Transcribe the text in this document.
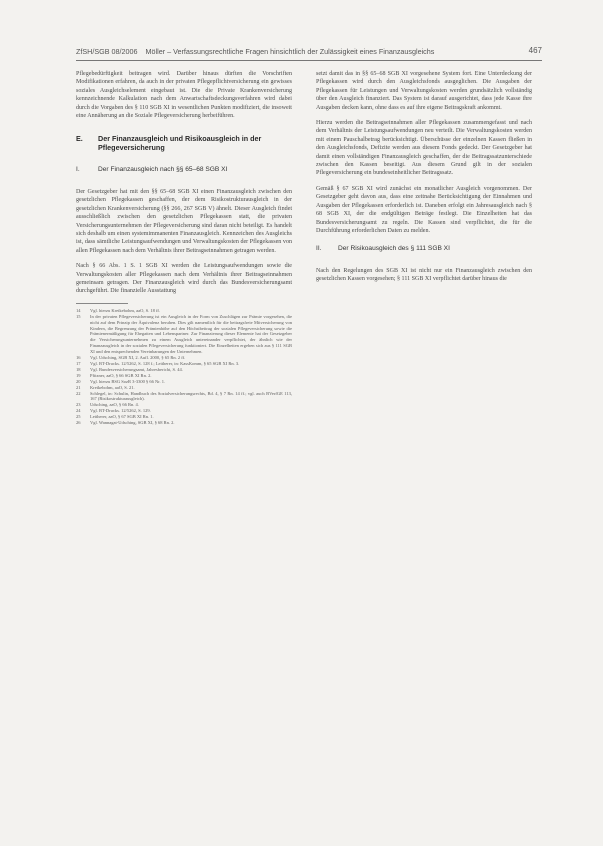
ZfSH/SGB 08/2006 Möller – Verfassungsrechtliche Fragen hinsichtlich der Zulässigkeit eines Finanzausgleichs	467

Pflegebedürftigkeit beitragen wird. Darüber hinaus dürften die Vorschriften Modifikationen erfahren, da auch in der privaten Pflegepflichtversicherung ein gewisses soziales Ausgleichselement eingebaut ist. Die die Private Krankenversicherung kennzeichnende Kalkulation nach dem Anwartschaftsdeckungsverfahren wird dabei durch die Vorgaben des § 110 SGB XI in wesentlichen Punkten modifiziert, die insoweit eine Annäherung an die Soziale Pflegeversicherung herbeiführen.

E. Der Finanzausgleich und Risikoausgleich in der Pflegeversicherung
I.	Der Finanzausgleich nach §§ 65–68 SGB XI

Der Gesetzgeber hat mit den §§ 65–68 SGB XI einen Finanzausgleich zwischen den gesetzlichen Pflegekassen geschaffen, der dem Risikostrukturausgleich in der gesetzlichen Krankenversicherung (§§ 266, 267 SGB V) ähnelt. Dieser Ausgleich findet ausschließlich zwischen den gesetzlichen Pflegekassen statt, die privaten Versicherungsunternehmen der Pflegeversicherung sind daran nicht beteiligt. Es handelt sich deshalb um einen systemimmanenten Finanzausgleich. Kennzeichen des Ausgleichs ist, dass sämtliche Leistungsaufwendungen und Verwaltungskosten der Pflegekassen von allen Pflegekassen nach dem Verhältnis ihrer Beitragseinnahmen getragen werden.

Nach § 66 Abs. 1 S. 1 SGB XI werden die Leistungsaufwendungen sowie die Verwaltungskosten aller Pflegekassen nach dem Verhältnis ihrer Beitragseinnahmen gemeinsam getragen. Der Finanzausgleich wird durch das Bundesversicherungsamt durchgeführt. Die finanzielle Ausstattung

14	Vgl. hierzu Kreikebohm, aaO, S. 18 ff.
15	In der privaten Pflegeversicherung ist ein Ausgleich in der Form von Zuschlägen zur Prämie vorgesehen, die nicht auf dem Prinzip der Äquivalenz beruhen. Dies gilt namentlich für die beitragsfreie Mitversicherung von Kindern, die Begrenzung der Prämienhöhe auf den Höchstbeitrag der sozialen Pflegeversicherung sowie die Prämienermäßigung für Ehegatten und Lebenspartner. Zur Finanzierung dieser Elemente hat der Gesetzgeber die Versicherungsunternehmen zu einem Ausgleich untereinander verpflichtet, der ähnlich wie der Finanzausgleich in der sozialen Pflegeversicherung funktioniert. Die Einzelheiten ergeben sich aus § 111 SGB XI und den entsprechenden Vereinbarungen der Unternehmen.
16	Vgl. Udsching, SGB XI, 2. Aufl. 2000, § 65 Rn. 2 ff.
17	Vgl. BT-Drucks. 12/5262, S. 128 f.; Leitherer, in: KassKomm, § 65 SGB XI Rn. 3.
18	Vgl. Bundesversicherungsamt, Jahresbericht, S. 44.
19	Pfitzner, aaO, § 66 SGB XI Rn. 2.
20	Vgl. hierzu BSG SozR 3-3300 § 66 Nr. 1.
21	Kreikebohm, aaO, S. 21.
22	Schlegel, in: Schulin, Handbuch des Sozialversicherungsrechts, Bd. 4, § 7 Rn. 14 ff.; vgl. auch BVerfGE 113, 167 (Risikostrukturausgleich).
23	Udsching, aaO, § 66 Rn. 4.
24	Vgl. BT-Drucks. 12/5262, S. 129.
25	Leitherer, aaO, § 67 SGB XI Rn. 1.
26	Vgl. Wannagat-Udsching, SGB XI, § 68 Rn. 2.

setzt damit das in §§ 65–68 SGB XI vorgesehene System fort. Eine Unterdeckung der Pflegekassen wird durch den Ausgleichsfonds ausgeglichen. Die Ausgaben der Pflegekassen für Leistungen und Verwaltungskosten werden grundsätzlich vollständig über den Ausgleich finanziert. Das System ist darauf ausgerichtet, dass jede Kasse ihre Ausgaben decken kann, ohne dass es auf ihre eigene Beitragskraft ankommt.

Hierzu werden die Beitragseinnahmen aller Pflegekassen zusammengefasst und nach dem Verhältnis der Leistungsaufwendungen neu verteilt. Die Verwaltungskosten werden mit einem Pauschalbetrag berücksichtigt. Überschüsse der einzelnen Kassen fließen in den Ausgleichsfonds, Defizite werden aus diesem Fonds gedeckt. Der Gesetzgeber hat damit einen vollständigen Finanzausgleich geschaffen, der die Beitragssatzunterschiede zwischen den Kassen beseitigt. Aus diesem Grund gilt in der sozialen Pflegeversicherung ein bundeseinheitlicher Beitragssatz.

Gemäß § 67 SGB XI wird zunächst ein monatlicher Ausgleich vorgenommen. Der Gesetzgeber geht davon aus, dass eine zeitnahe Berücksichtigung der Einnahmen und Ausgaben der Pflegekassen erforderlich ist. Daneben erfolgt ein Jahresausgleich nach § 68 SGB XI, der die endgültigen Beträge festlegt. Die Einzelheiten hat das Bundesversicherungsamt zu regeln. Die Kassen sind verpflichtet, die für die Durchführung erforderlichen Daten zu melden.

II.	Der Risikoausgleich des § 111 SGB XI

Nach den Regelungen des SGB XI ist nicht nur ein Finanzausgleich zwischen den gesetzlichen Kassen vorgesehen; § 111 SGB XI verpflichtet darüber hinaus die
